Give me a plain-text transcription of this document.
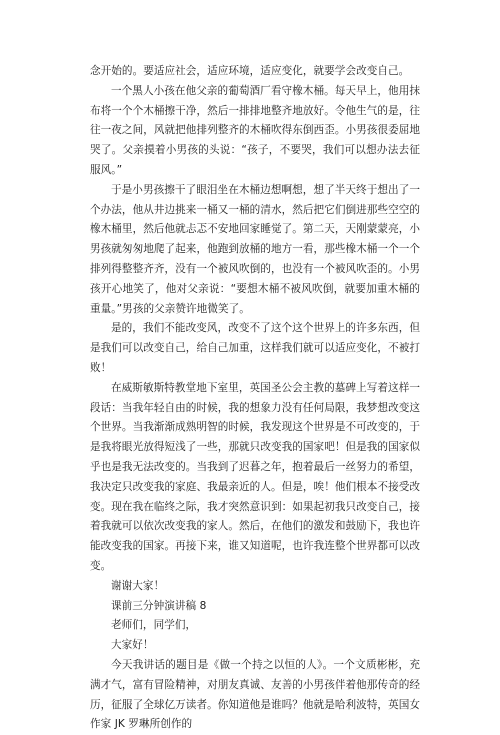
念开始的。要适应社会，适应环境，适应变化，就要学会改变自己。

一个黑人小孩在他父亲的葡萄酒厂看守橡木桶。每天早上，他用抹布将一个个木桶擦干净，然后一排排地整齐地放好。令他生气的是，往往一夜之间，风就把他排列整齐的木桶吹得东倒西歪。小男孩很委屈地哭了。父亲摸着小男孩的头说：“孩子，不要哭，我们可以想办法去征服风。”

于是小男孩擦干了眼泪坐在木桶边想啊想，想了半天终于想出了一个办法，他从井边挑来一桶又一桶的清水，然后把它们倒进那些空空的橡木桶里，然后他就忐忑不安地回家睡觉了。第二天，天刚蒙蒙亮，小男孩就匆匆地爬了起来，他跑到放桶的地方一看，那些橡木桶一个一个排列得整整齐齐，没有一个被风吹倒的，也没有一个被风吹歪的。小男孩开心地笑了，他对父亲说：“要想木桶不被风吹倒，就要加重木桶的重量。”男孩的父亲赞许地微笑了。

是的，我们不能改变风，改变不了这个这个世界上的许多东西，但是我们可以改变自己，给自己加重，这样我们就可以适应变化，不被打败！

在威斯敏斯特教堂地下室里，英国圣公会主教的墓碑上写着这样一段话：当我年轻自由的时候，我的想象力没有任何局限，我梦想改变这个世界。当我渐渐成熟明智的时候，我发现这个世界是不可改变的，于是我将眼光放得短浅了一些，那就只改变我的国家吧！但是我的国家似乎也是我无法改变的。当我到了迟暮之年，抱着最后一丝努力的希望，我决定只改变我的家庭、我最亲近的人。但是，唉！他们根本不接受改变。现在我在临终之际，我才突然意识到：如果起初我只改变自己，接着我就可以依次改变我的家人。然后，在他们的激发和鼓励下，我也许能改变我的国家。再接下来，谁又知道呢，也许我连整个世界都可以改变。

谢谢大家！

课前三分钟演讲稿 8

老师们，同学们，

大家好！

今天我讲话的题目是《做一个持之以恒的人》。一个文质彬彬，充满才气，富有冒险精神，对朋友真诚、友善的小男孩伴着他那传奇的经历，征服了全球亿万读者。你知道他是谁吗？他就是哈利波特，英国女作家 JK 罗琳所创作的
